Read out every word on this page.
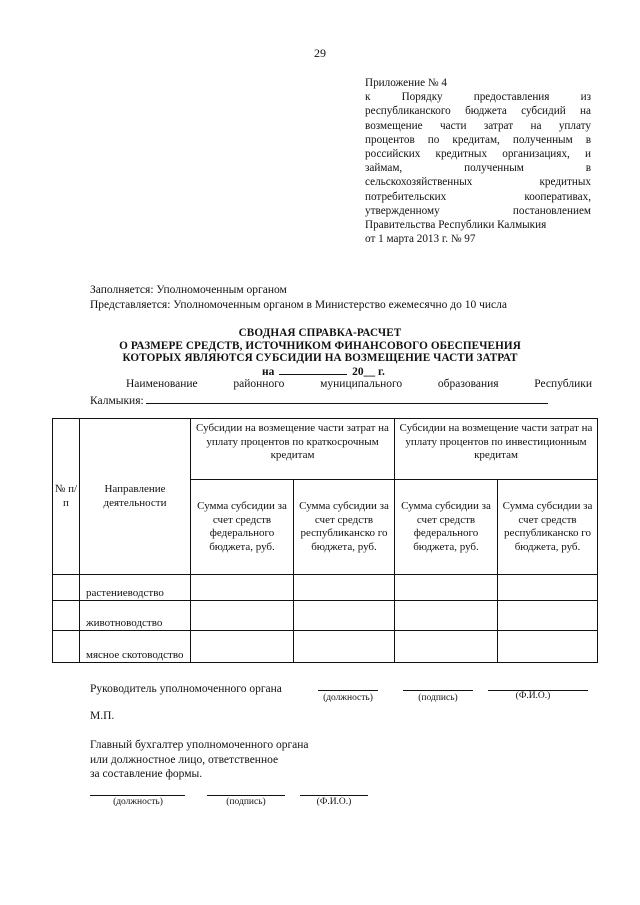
29
Приложение № 4
к Порядку предоставления из
республиканского бюджета субсидий на
возмещение части затрат на уплату
процентов по кредитам, полученным в
российских кредитных организациях, и
займам, полученным в
сельскохозяйственных кредитных
потребительских кооперативах,
утвержденному постановлением
Правительства Республики Калмыкия
от 1 марта 2013 г. № 97
Заполняется: Уполномоченным органом
Представляется: Уполномоченным органом в Министерство ежемесячно до 10 числа
СВОДНАЯ СПРАВКА-РАСЧЕТ
О РАЗМЕРЕ СРЕДСТВ, ИСТОЧНИКОМ ФИНАНСОВОГО ОБЕСПЕЧЕНИЯ
КОТОРЫХ ЯВЛЯЮТСЯ СУБСИДИИ НА ВОЗМЕЩЕНИЕ ЧАСТИ ЗАТРАТ
на	20__ г.
Наименование районного муниципального образования Республики
Калмыкия:
№ п/п	Направление деятельности	Субсидии на возмещение части затрат на уплату процентов по краткосрочным кредитам		Субсидии на возмещение части затрат на уплату процентов по инвестиционным кредитам	
		Сумма субсидии за счет средств федерального бюджета, руб.	Сумма субсидии за счет средств республиканско го бюджета, руб.	Сумма субсидии за счет средств федерального бюджета, руб.	Сумма субсидии за счет средств республиканско го бюджета, руб.
	растениеводство				
	животноводство				
	мясное скотоводство				
Руководитель уполномоченного органа
(должность)	(подпись)	(Ф.И.О.)
М.П.
Главный бухгалтер уполномоченного органа
или должностное лицо, ответственное
за составление формы.
(должность)	(подпись)	(Ф.И.О.)
